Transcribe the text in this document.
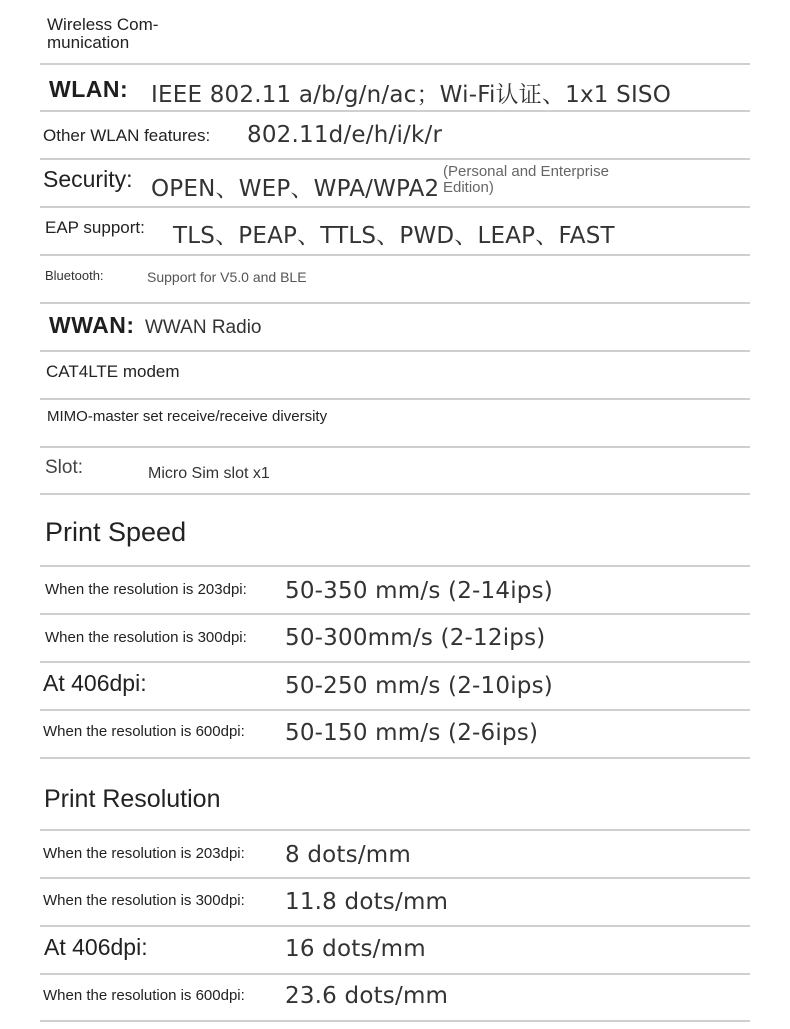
Wireless Com-
munication
WLAN: IEEE 802.11 a/b/g/n/ac；Wi-Fi认证、1x1 SISO
Other WLAN features: 802.11d/e/h/i/k/r
Security: OPEN、WEP、WPA/WPA2
(Personal and Enterprise
Edition)
EAP support: TLS、PEAP、TTLS、PWD、LEAP、FAST
Bluetooth:	Support for V5.0 and BLE
WWAN: WWAN Radio
CAT4LTE modem
MIMO-master set receive/receive diversity
Slot:	Micro Sim slot x1
Print Speed
When the resolution is 203dpi: 50-350 mm/s (2-14ips)
When the resolution is 300dpi: 50-300mm/s (2-12ips)
At 406dpi:	50-250 mm/s (2-10ips)
When the resolution is 600dpi: 50-150 mm/s (2-6ips)
Print Resolution
When the resolution is 203dpi: 8 dots/mm
When the resolution is 300dpi: 11.8 dots/mm
At 406dpi:	16 dots/mm
When the resolution is 600dpi: 23.6 dots/mm
